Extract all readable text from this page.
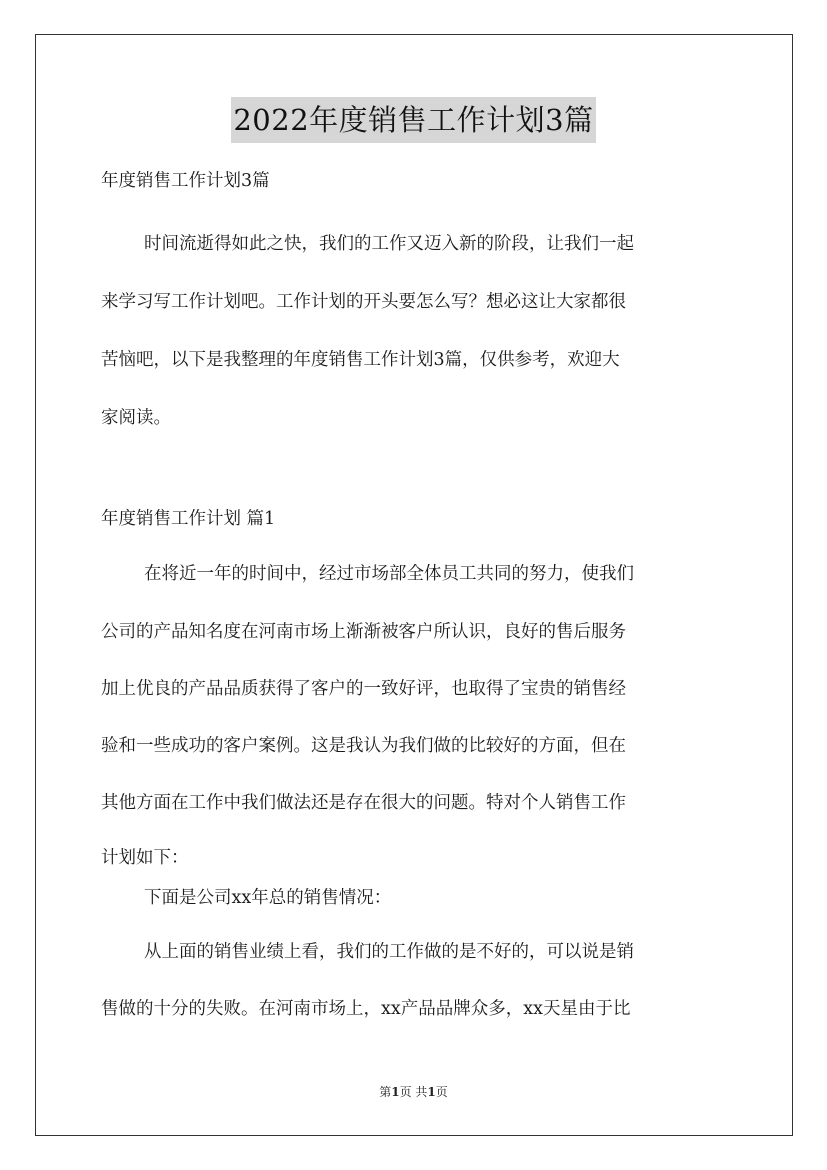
2022年度销售工作计划3篇
年度销售工作计划3篇
时间流逝得如此之快，我们的工作又迈入新的阶段，让我们一起
来学习写工作计划吧。工作计划的开头要怎么写？想必这让大家都很
苦恼吧，以下是我整理的年度销售工作计划3篇，仅供参考，欢迎大
家阅读。
年度销售工作计划 篇1
在将近一年的时间中，经过市场部全体员工共同的努力，使我们
公司的产品知名度在河南市场上渐渐被客户所认识，良好的售后服务
加上优良的产品品质获得了客户的一致好评，也取得了宝贵的销售经
验和一些成功的客户案例。这是我认为我们做的比较好的方面，但在
其他方面在工作中我们做法还是存在很大的问题。特对个人销售工作
计划如下：
下面是公司xx年总的销售情况：
从上面的销售业绩上看，我们的工作做的是不好的，可以说是销
售做的十分的失败。在河南市场上，xx产品品牌众多，xx天星由于比
第1页 共1页
